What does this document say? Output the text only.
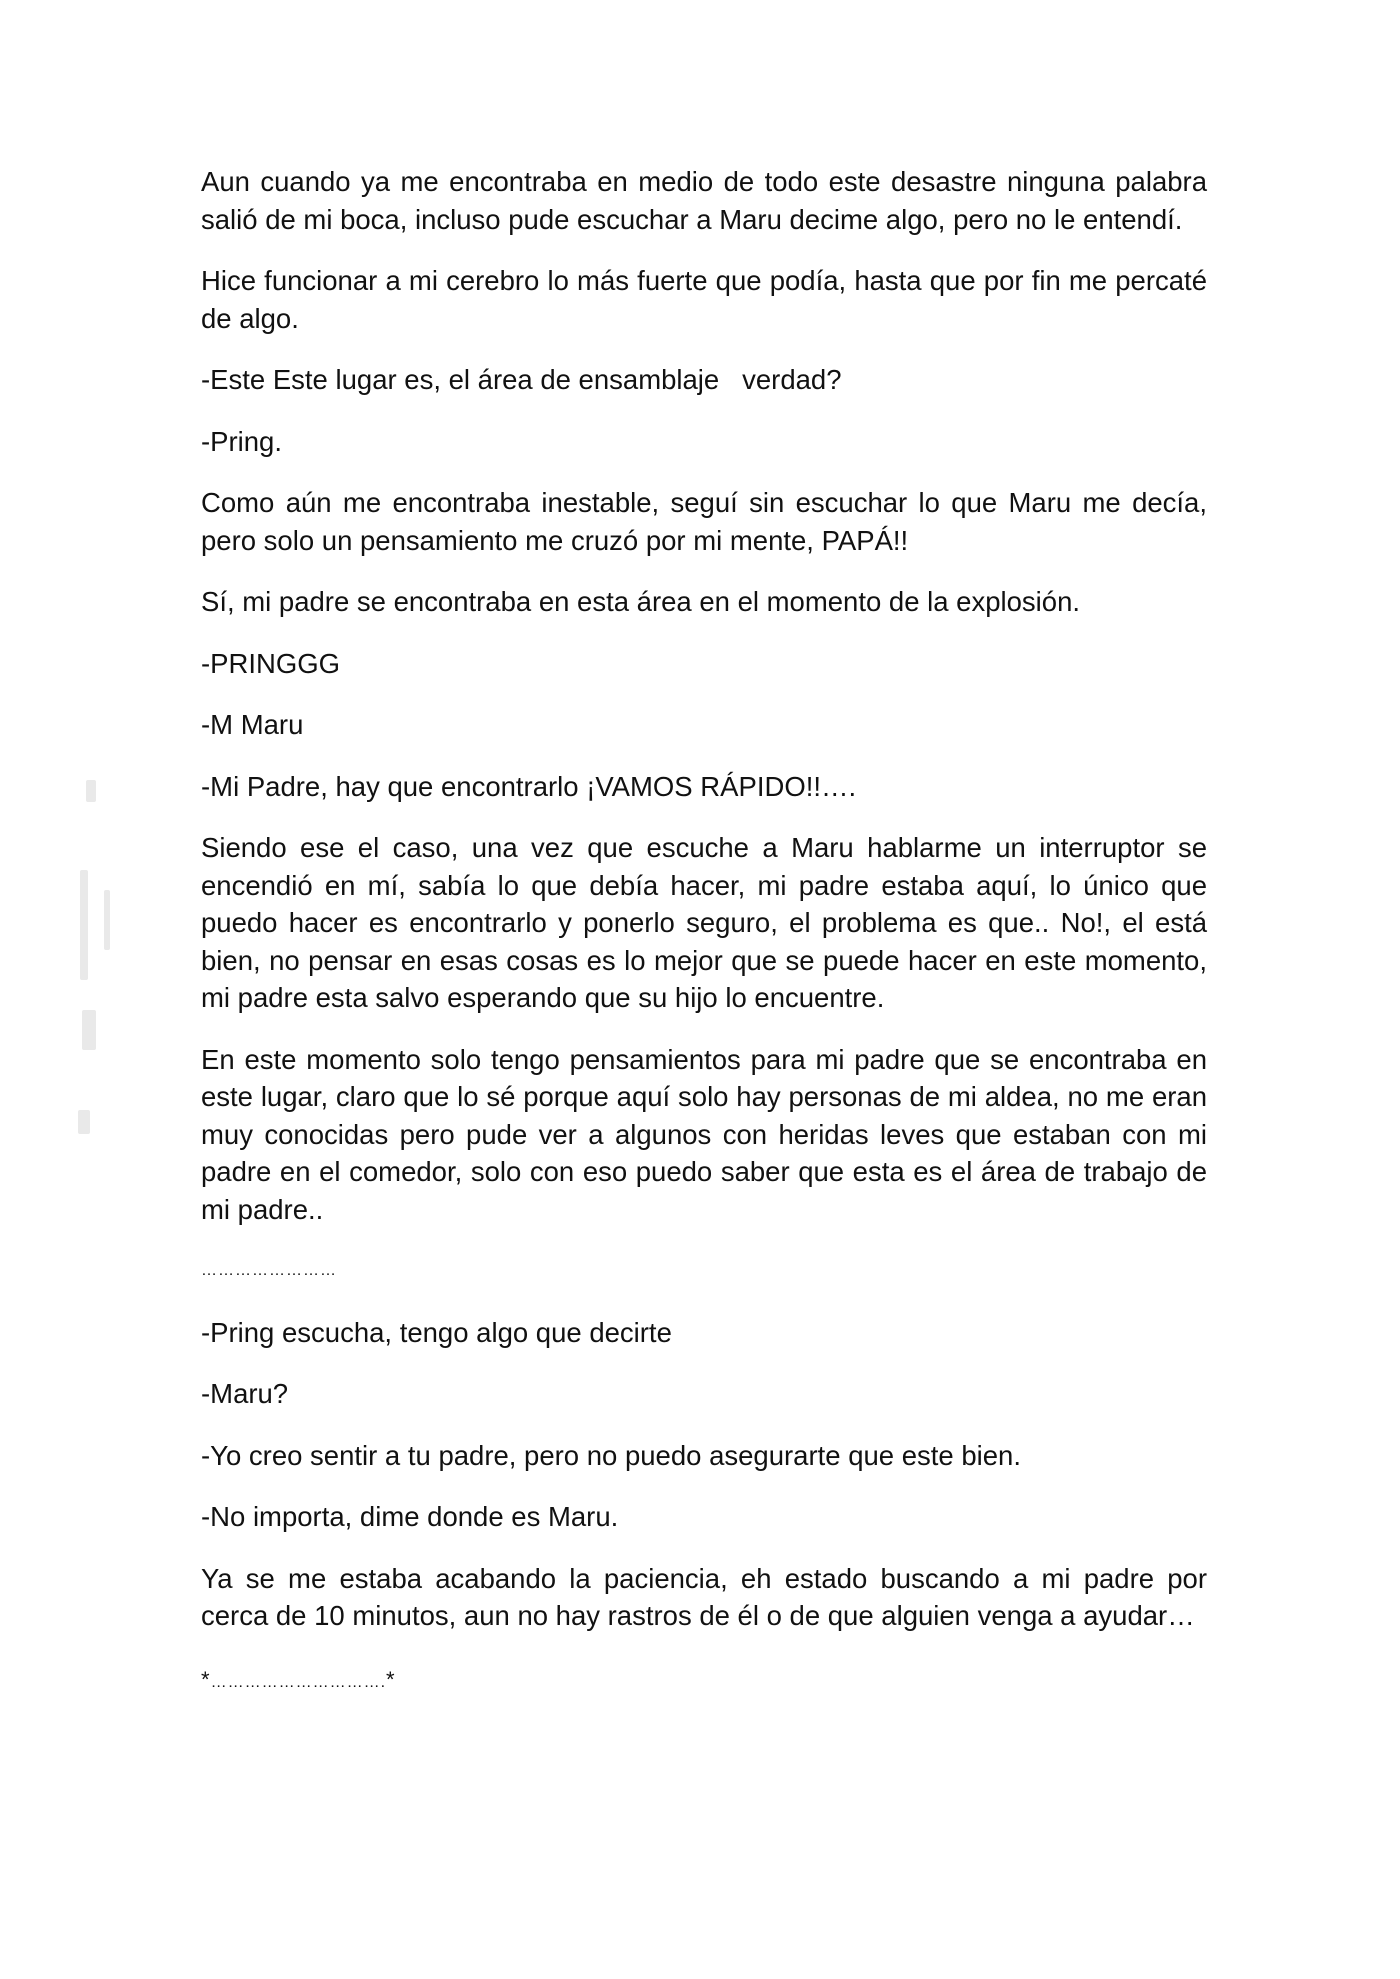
Aun cuando ya me encontraba en medio de todo este desastre ninguna palabra salió de mi boca, incluso pude escuchar a Maru decime algo, pero no le entendí.

Hice funcionar a mi cerebro lo más fuerte que podía, hasta que por fin me percaté de algo.

-Este Este lugar es, el área de ensamblaje   verdad?

-Pring.

Como aún me encontraba inestable, seguí sin escuchar lo que Maru me decía, pero solo un pensamiento me cruzó por mi mente, PAPÁ!!

Sí, mi padre se encontraba en esta área en el momento de la explosión.

-PRINGGG

-M Maru

-Mi Padre, hay que encontrarlo ¡VAMOS RÁPIDO!!….

Siendo ese el caso, una vez que escuche a Maru hablarme un interruptor se encendió en mí, sabía lo que debía hacer, mi padre estaba aquí, lo único que puedo hacer es encontrarlo y ponerlo seguro, el problema es que.. No!, el está bien, no pensar en esas cosas es lo mejor que se puede hacer en este momento, mi padre esta salvo esperando que su hijo lo encuentre.

En este momento solo tengo pensamientos para mi padre que se encontraba en este lugar, claro que lo sé porque aquí solo hay personas de mi aldea, no me eran muy conocidas pero pude ver a algunos con heridas leves que estaban con mi padre en el comedor, solo con eso puedo saber que esta es el área de trabajo de mi padre..

……………………

-Pring escucha, tengo algo que decirte

-Maru?

-Yo creo sentir a tu padre, pero no puedo asegurarte que este bien.

-No importa, dime donde es Maru.

Ya se me estaba acabando la paciencia, eh estado buscando a mi padre por cerca de 10 minutos, aun no hay rastros de él o de que alguien venga a ayudar…

*………………………….*
